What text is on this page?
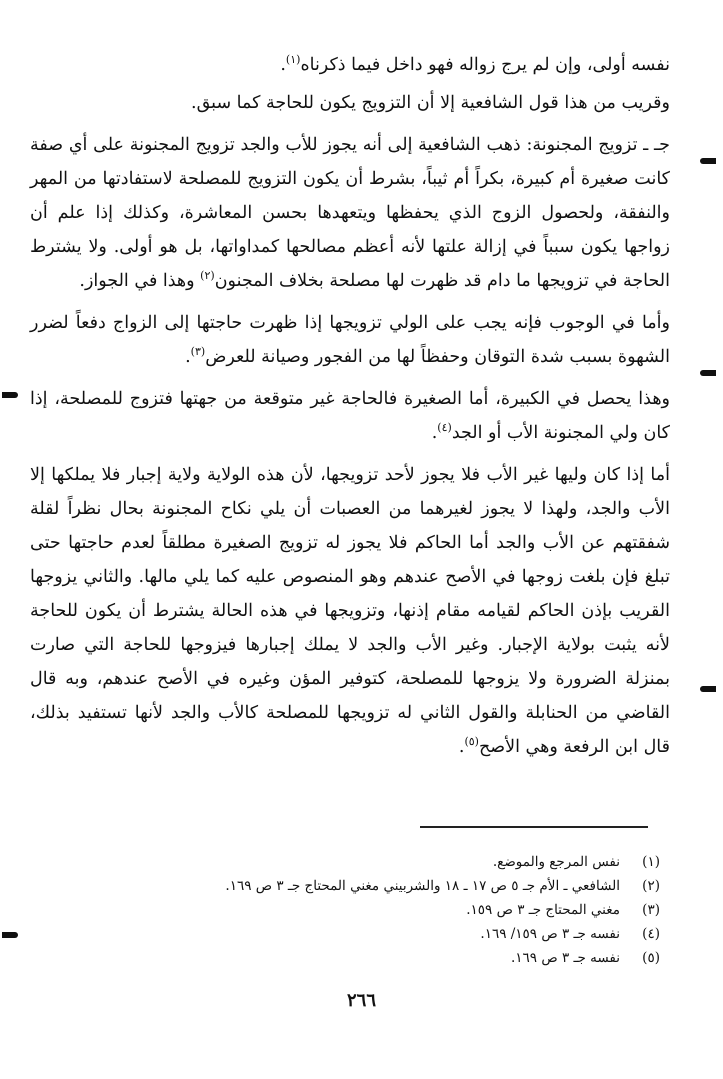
نفسه أولى، وإن لم يرج زواله فهو داخل فيما ذكرناه$^{(١)}$.

وقريب من هذا قول الشافعية إلا أن التزويج يكون للحاجة كما سبق.

جـ ـ تزويج المجنونة: ذهب الشافعية إلى أنه يجوز للأب والجد تزويج المجنونة على أي صفة كانت صغيرة أم كبيرة، بكراً أم ثيباً، بشرط أن يكون التزويج للمصلحة لاستفادتها من المهر والنفقة، ولحصول الزوج الذي يحفظها ويتعهدها بحسن المعاشرة، وكذلك إذا علم أن زواجها يكون سبباً في إزالة علتها لأنه أعظم مصالحها كمداواتها، بل هو أولى. ولا يشترط الحاجة في تزويجها ما دام قد ظهرت لها مصلحة بخلاف المجنون$^{(٢)}$ وهذا في الجواز.

وأما في الوجوب فإنه يجب على الولي تزويجها إذا ظهرت حاجتها إلى الزواج دفعاً لضرر الشهوة بسبب شدة التوقان وحفظاً لها من الفجور وصيانة للعرض$^{(٣)}$.

وهذا يحصل في الكبيرة، أما الصغيرة فالحاجة غير متوقعة من جهتها فتزوج للمصلحة، إذا كان ولي المجنونة الأب أو الجد$^{(٤)}$.

أما إذا كان وليها غير الأب فلا يجوز لأحد تزويجها، لأن هذه الولاية ولاية إجبار فلا يملكها إلا الأب والجد، ولهذا لا يجوز لغيرهما من العصبات أن يلي نكاح المجنونة بحال نظراً لقلة شفقتهم عن الأب والجد أما الحاكم فلا يجوز له تزويج الصغيرة مطلقاً لعدم حاجتها حتى تبلغ فإن بلغت زوجها في الأصح عندهم وهو المنصوص عليه كما يلي مالها. والثاني يزوجها القريب بإذن الحاكم لقيامه مقام إذنها، وتزويجها في هذه الحالة يشترط أن يكون للحاجة لأنه يثبت بولاية الإجبار. وغير الأب والجد لا يملك إجبارها فيزوجها للحاجة التي صارت بمنزلة الضرورة ولا يزوجها للمصلحة، كتوفير المؤن وغيره في الأصح عندهم، وبه قال القاضي من الحنابلة والقول الثاني له تزويجها للمصلحة كالأب والجد لأنها تستفيد بذلك، قال ابن الرفعة وهي الأصح$^{(٥)}$.

(١)
نفس المرجع والموضع.
(٢)
الشافعي ـ الأم جـ ٥ ص ١٧ ـ ١٨ والشربيني مغني المحتاج جـ ٣ ص ١٦٩.
(٣)
مغني المحتاج جـ ٣ ص ١٥٩.
(٤)
نفسه جـ ٣ ص ١٥٩/ ١٦٩.
(٥)
نفسه جـ ٣ ص ١٦٩.
٢٦٦
